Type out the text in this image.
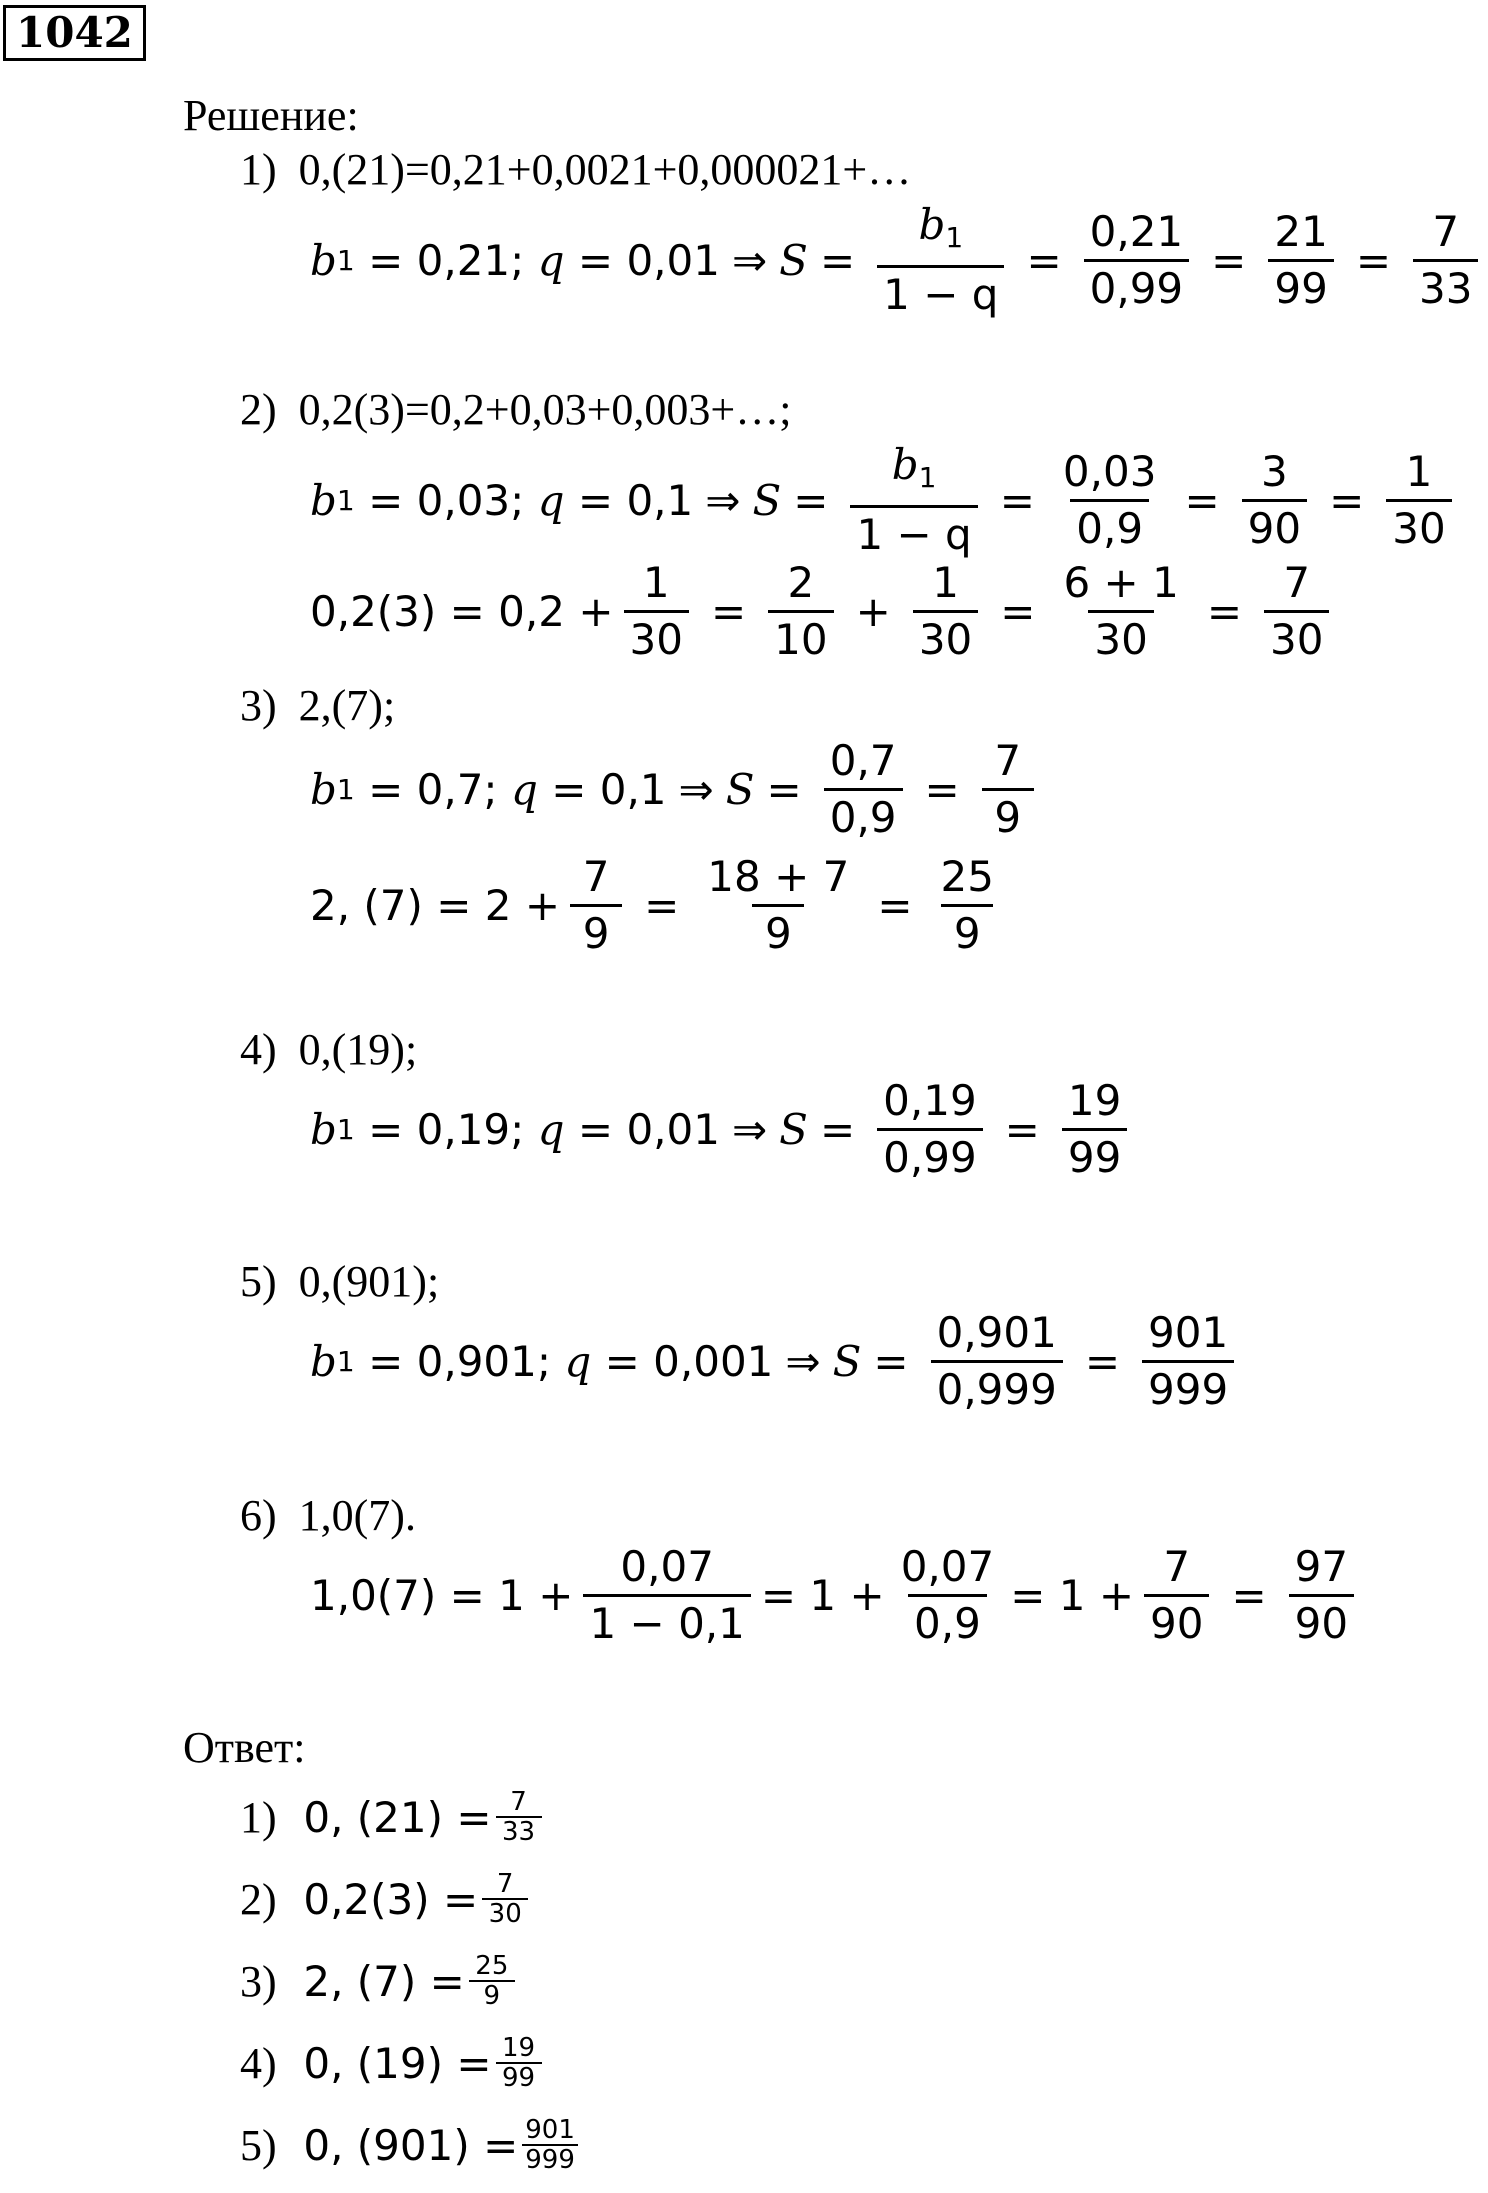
1042
Решение:
1) 0,(21)=0,21+0,0021+0,000021+…
b 1
= 0,21;
q
= 0,01 ⇒ $S = \frac{b_1}{1 - q} = \frac{0,21}{0,99} = \frac{21}{99} = \frac{7}{33}$
2) 0,2(3)=0,2+0,03+0,003+…;
b 1
= 0,03;
q
= 0,1 ⇒ $S = \frac{b_1}{1 - q} = \frac{0,03}{0,9} = \frac{3}{90} = \frac{1}{30}$
$0,2(3) = 0,2 + \frac{1}{30} = \frac{2}{10} + \frac{1}{30} = \frac{6 + 1}{30} = \frac{7}{30}$
3) 2,(7);
b 1
= 0,7;
q
= 0,1 ⇒ $S = \frac{0,7}{0,9} = \frac{7}{9}$
2, $(7) = 2 + \frac{7}{9} = \frac{18 + 7}{9} = \frac{25}{9}$
4) 0,(19);
b 1
= 0,19;
q
= 0,01 ⇒ $S = \frac{0,19}{0,99} = \frac{19}{99}$
5) 0,(901);
b 1
= 0,901;
q
= 0,001 ⇒ $S = \frac{0,901}{0,999} = \frac{901}{999}$
6) 1,0(7).
$1,0(7) = 1 + \frac{0,07}{1 - 0,1} = 1 + \frac{0,07}{0,9} = 1 + \frac{7}{90} = \frac{97}{90}$
Ответ:
1)
0, $(21) = \frac{7}{33}$
2)
$0,2(3) = \frac{7}{30}$
3)
2, $(7) = \frac{25}{9}$
4)
0, $(19) = \frac{19}{99}$
5)
0, $(901) = \frac{901}{999}$
